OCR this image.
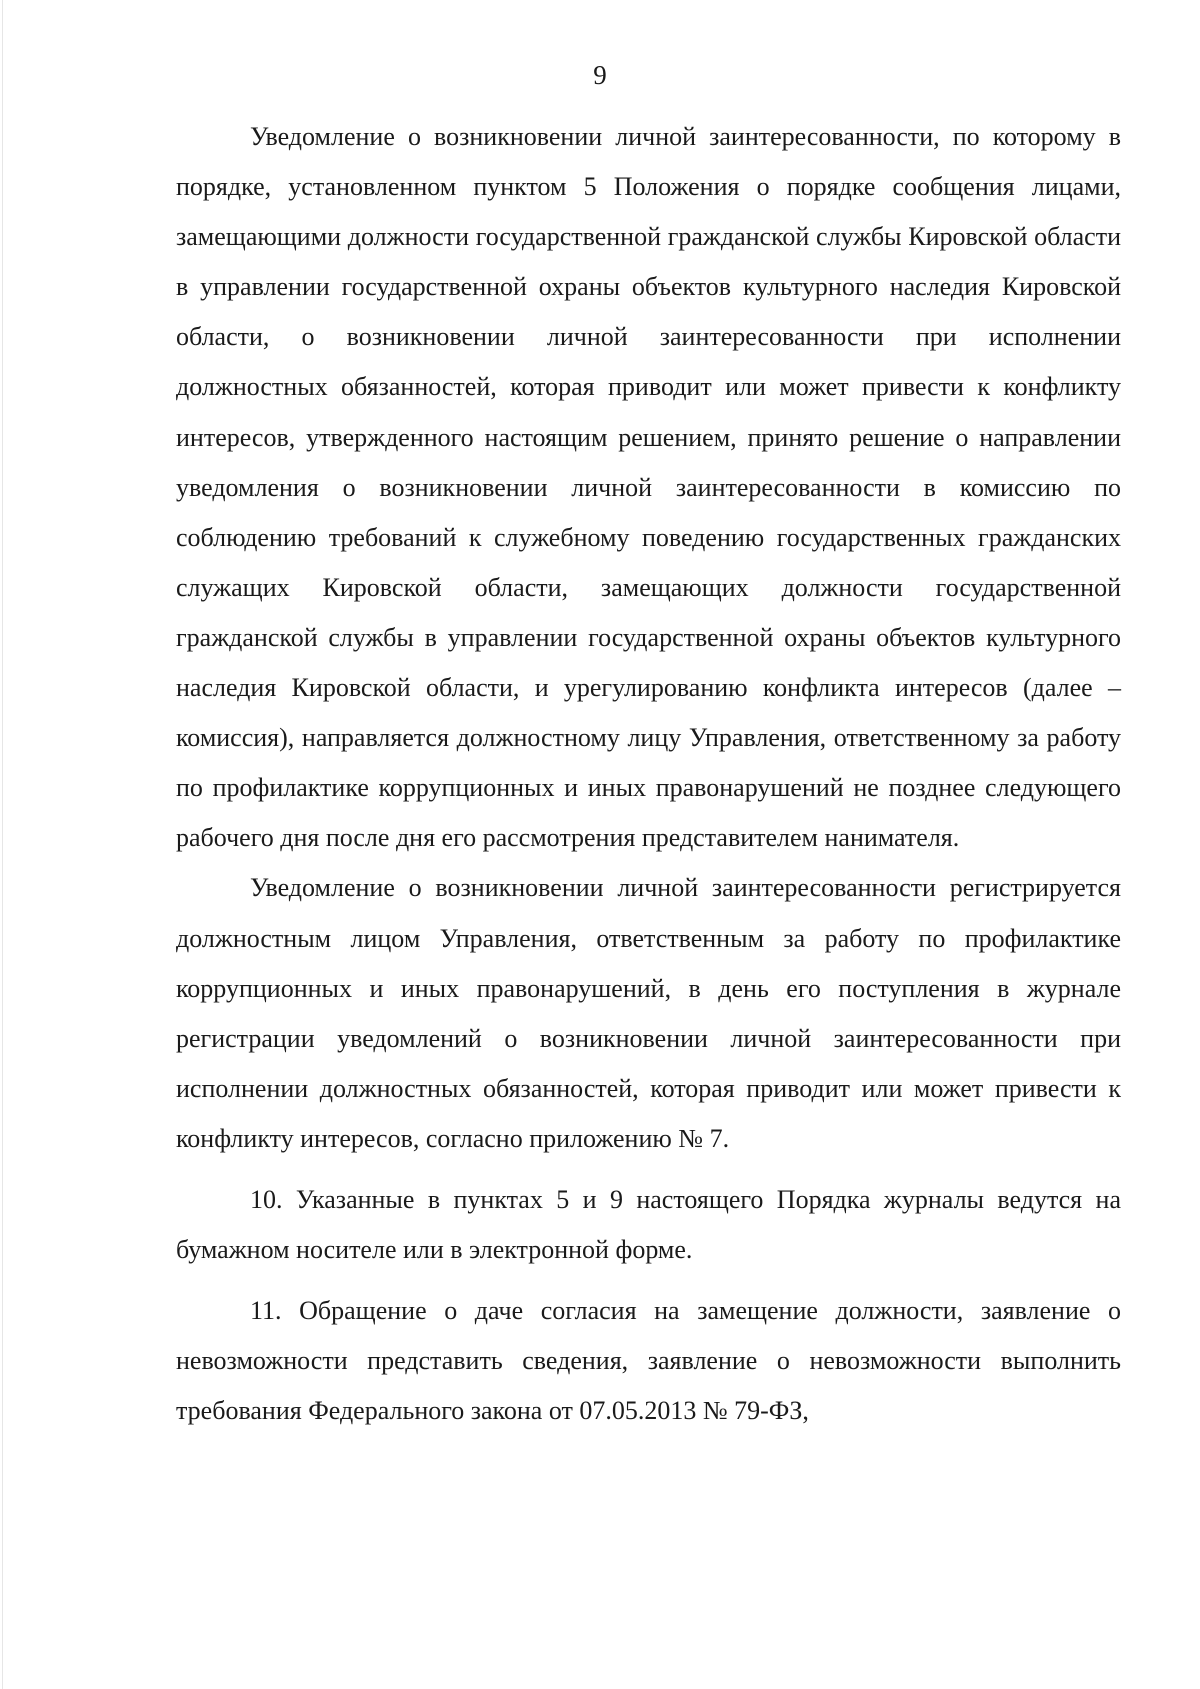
9

Уведомление о возникновении личной заинтересованности, по которому в порядке, установленном пунктом 5 Положения о порядке сообщения лицами, замещающими должности государственной гражданской службы Кировской области в управлении государственной охраны объектов культурного наследия Кировской области, о возникновении личной заинтересованности при исполнении должностных обязанностей, которая приводит или может привести к конфликту интересов, утвержденного настоящим решением, принято решение о направлении уведомления о возникновении личной заинтересованности в комиссию по соблюдению требований к служебному поведению государственных гражданских служащих Кировской области, замещающих должности государственной гражданской службы в управлении государственной охраны объектов культурного наследия Кировской области, и урегулированию конфликта интересов (далее – комиссия), направляется должностному лицу Управления, ответственному за работу по профилактике коррупционных и иных правонарушений не позднее следующего рабочего дня после дня его рассмотрения представителем нанимателя.

Уведомление о возникновении личной заинтересованности регистрируется должностным лицом Управления, ответственным за работу по профилактике коррупционных и иных правонарушений, в день его поступления в журнале регистрации уведомлений о возникновении личной заинтересованности при исполнении должностных обязанностей, которая приводит или может привести к конфликту интересов, согласно приложению № 7.

10. Указанные в пунктах 5 и 9 настоящего Порядка журналы ведутся на бумажном носителе или в электронной форме.

11. Обращение о даче согласия на замещение должности, заявление о невозможности представить сведения, заявление о невозможности выполнить требования Федерального закона от 07.05.2013 № 79-ФЗ,
